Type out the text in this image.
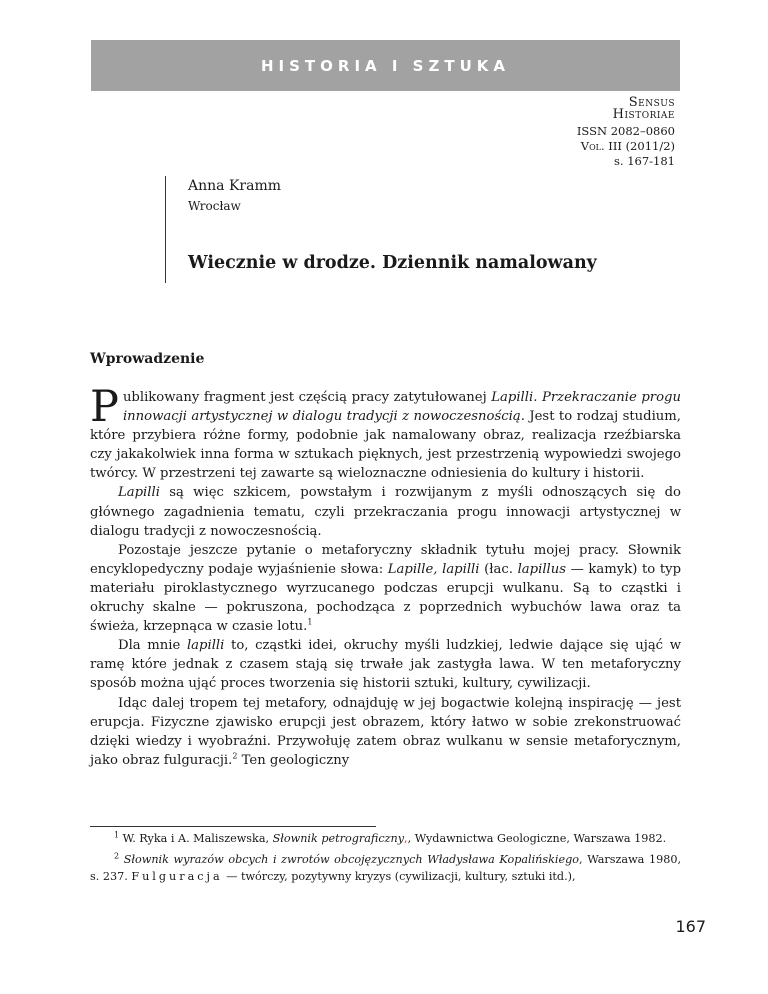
HISTORIA I SZTUKA
Sensus
Historiae
ISSN 2082–0860
Vol. III (2011/2)
s. 167-181
Anna Kramm
Wrocław
Wiecznie w drodze. Dziennik namalowany
Wprowadzenie

Publikowany fragment jest częścią pracy zatytułowanej Lapilli. Przekraczanie progu innowacji artystycznej w dialogu tradycji z nowoczesnością. Jest to rodzaj studium, które przybiera różne formy, podobnie jak namalowany obraz, realizacja rzeźbiarska czy jakakolwiek inna forma w sztukach pięknych, jest przestrzenią wypowiedzi swojego twórcy. W przestrzeni tej zawarte są wieloznaczne odniesienia do kultury i historii.

Lapilli są więc szkicem, powstałym i rozwijanym z myśli odnoszących się do głównego zagadnienia tematu, czyli przekraczania progu innowacji artystycznej w dialogu tradycji z nowoczesnością.

Pozostaje jeszcze pytanie o metaforyczny składnik tytułu mojej pracy. Słownik encyklopedyczny podaje wyjaśnienie słowa: Lapille, lapilli (łac. lapillus — kamyk) to typ materiału piroklastycznego wyrzucanego podczas erupcji wulkanu. Są to cząstki i okruchy skalne — pokruszona, pochodząca z poprzednich wybuchów lawa oraz ta świeża, krzepnąca w czasie lotu.$^1$

Dla mnie lapilli to, cząstki idei, okruchy myśli ludzkiej, ledwie dające się ująć w ramę które jednak z czasem stają się trwałe jak zastygła lawa. W ten metaforyczny sposób można ująć proces tworzenia się historii sztuki, kultury, cywilizacji.

Idąc dalej tropem tej metafory, odnajduję w jej bogactwie kolejną inspirację — jest erupcja. Fizyczne zjawisko erupcji jest obrazem, który łatwo w sobie zrekonstruować dzięki wiedzy i wyobraźni. Przywołuję zatem obraz wulkanu w sensie metaforycznym, jako obraz fulguracji.$^2$ Ten geologiczny

$^1$ W. Ryka i A. Maliszewska, Słownik petrograficzny,, Wydawnictwa Geologiczne, Warszawa 1982.

$^2$ Słownik wyrazów obcych i zwrotów obcojęzycznych Władysława Kopalińskiego, Warszawa 1980, s. 237. Fulguracja — twórczy, pozytywny kryzys (cywilizacji, kultury, sztuki itd.),

167
